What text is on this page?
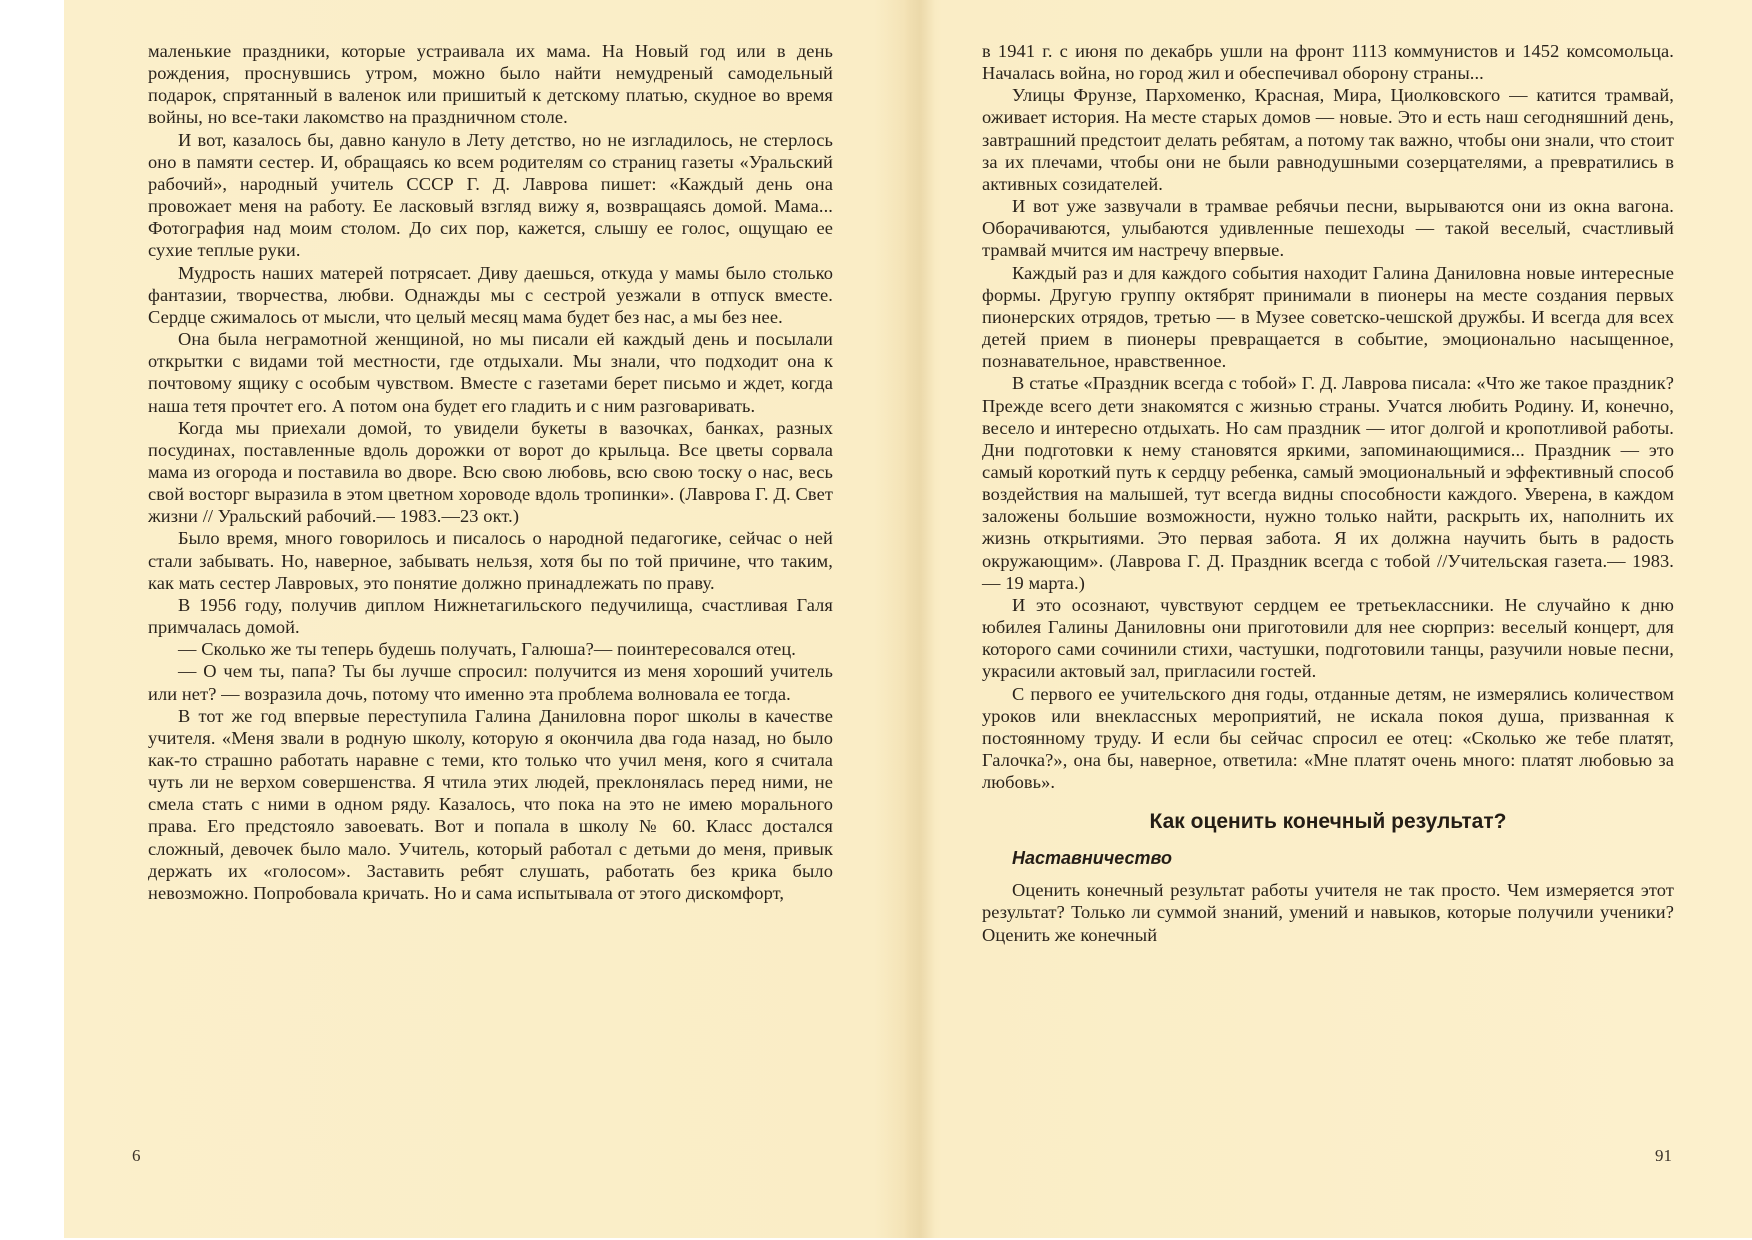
маленькие праздники, которые устраивала их мама. На Новый год или в день рождения, проснувшись утром, можно было найти немудреный самодельный подарок, спрятанный в валенок или пришитый к детскому платью, скудное во время войны, но все-таки лакомство на праздничном столе.

И вот, казалось бы, давно кануло в Лету детство, но не изгладилось, не стерлось оно в памяти сестер. И, обращаясь ко всем родителям со страниц газеты «Уральский рабочий», народный учитель СССР Г. Д. Лаврова пишет: «Каждый день она провожает меня на работу. Ее ласковый взгляд вижу я, возвращаясь домой. Мама... Фотография над моим столом. До сих пор, кажется, слышу ее голос, ощущаю ее сухие теплые руки.

Мудрость наших матерей потрясает. Диву даешься, откуда у мамы было столько фантазии, творчества, любви. Однажды мы с сестрой уезжали в отпуск вместе. Сердце сжималось от мысли, что целый месяц мама будет без нас, а мы без нее.

Она была неграмотной женщиной, но мы писали ей каждый день и посылали открытки с видами той местности, где отдыхали. Мы знали, что подходит она к почтовому ящику с особым чувством. Вместе с газетами берет письмо и ждет, когда наша тетя прочтет его. А потом она будет его гладить и с ним разговаривать.

Когда мы приехали домой, то увидели букеты в вазочках, банках, разных посудинах, поставленные вдоль дорожки от ворот до крыльца. Все цветы сорвала мама из огорода и поставила во дворе. Всю свою любовь, всю свою тоску о нас, весь свой восторг выразила в этом цветном хороводе вдоль тропинки». (Лаврова Г. Д. Свет жизни // Уральский рабочий.— 1983.—23 окт.)

Было время, много говорилось и писалось о народной педагогике, сейчас о ней стали забывать. Но, наверное, забывать нельзя, хотя бы по той причине, что таким, как мать сестер Лавровых, это понятие должно принадлежать по праву.

В 1956 году, получив диплом Нижнетагильского педучилища, счастливая Галя примчалась домой.

— Сколько же ты теперь будешь получать, Галюша?— поинтересовался отец.

— О чем ты, папа? Ты бы лучше спросил: получится из меня хороший учитель или нет? — возразила дочь, потому что именно эта проблема волновала ее тогда.

В тот же год впервые переступила Галина Даниловна порог школы в качестве учителя. «Меня звали в родную школу, которую я окончила два года назад, но было как-то страшно работать наравне с теми, кто только что учил меня, кого я считала чуть ли не верхом совершенства. Я чтила этих людей, преклонялась перед ними, не смела стать с ними в одном ряду. Казалось, что пока на это не имею морального права. Его предстояло завоевать. Вот и попала в школу № 60. Класс достался сложный, девочек было мало. Учитель, который работал с детьми до меня, привык держать их «голосом». Заставить ребят слушать, работать без крика было невозможно. Попробовала кричать. Но и сама испытывала от этого дискомфорт,

в 1941 г. с июня по декабрь ушли на фронт 1113 коммунистов и 1452 комсомольца. Началась война, но город жил и обеспечивал оборону страны...

Улицы Фрунзе, Пархоменко, Красная, Мира, Циолковского — катится трамвай, оживает история. На месте старых домов — новые. Это и есть наш сегодняшний день, завтрашний предстоит делать ребятам, а потому так важно, чтобы они знали, что стоит за их плечами, чтобы они не были равнодушными созерцателями, а превратились в активных созидателей.

И вот уже зазвучали в трамвае ребячьи песни, вырываются они из окна вагона. Оборачиваются, улыбаются удивленные пешеходы — такой веселый, счастливый трамвай мчится им настречу впервые.

Каждый раз и для каждого события находит Галина Даниловна новые интересные формы. Другую группу октябрят принимали в пионеры на месте создания первых пионерских отрядов, третью — в Музее советско-чешской дружбы. И всегда для всех детей прием в пионеры превращается в событие, эмоционально насыщенное, познавательное, нравственное.

В статье «Праздник всегда с тобой» Г. Д. Лаврова писала: «Что же такое праздник? Прежде всего дети знакомятся с жизнью страны. Учатся любить Родину. И, конечно, весело и интересно отдыхать. Но сам праздник — итог долгой и кропотливой работы. Дни подготовки к нему становятся яркими, запоминающимися... Праздник — это самый короткий путь к сердцу ребенка, самый эмоциональный и эффективный способ воздействия на малышей, тут всегда видны способности каждого. Уверена, в каждом заложены большие возможности, нужно только найти, раскрыть их, наполнить их жизнь открытиями. Это первая забота. Я их должна научить быть в радость окружающим». (Лаврова Г. Д. Праздник всегда с тобой //Учительская газета.— 1983.— 19 марта.)

И это осознают, чувствуют сердцем ее третьеклассники. Не случайно к дню юбилея Галины Даниловны они приготовили для нее сюрприз: веселый концерт, для которого сами сочинили стихи, частушки, подготовили танцы, разучили новые песни, украсили актовый зал, пригласили гостей.

С первого ее учительского дня годы, отданные детям, не измерялись количеством уроков или внеклассных мероприятий, не искала покоя душа, призванная к постоянному труду. И если бы сейчас спросил ее отец: «Сколько же тебе платят, Галочка?», она бы, наверное, ответила: «Мне платят очень много: платят любовью за любовь».

Как оценить конечный результат?
Наставничество

Оценить конечный результат работы учителя не так просто. Чем измеряется этот результат? Только ли суммой знаний, умений и навыков, которые получили ученики? Оценить же конечный

6	91
